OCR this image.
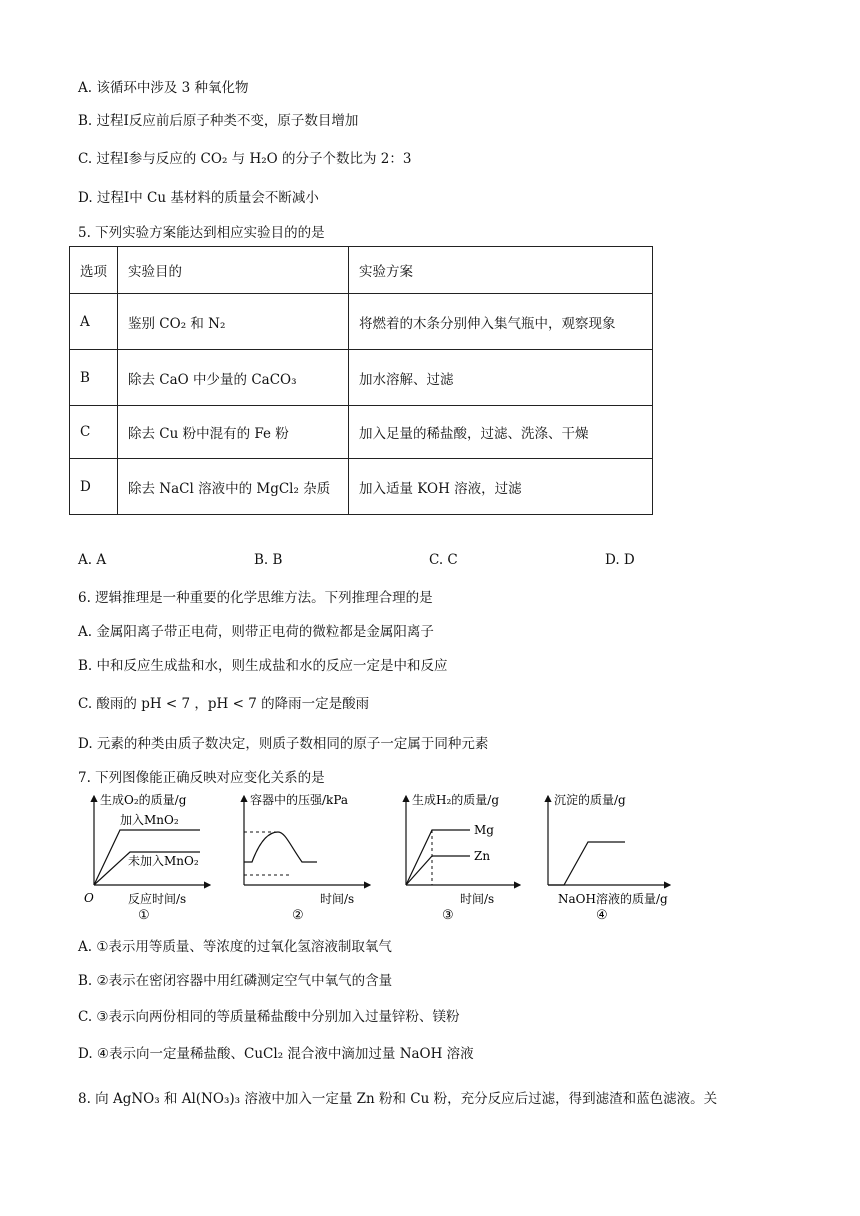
A. 该循环中涉及 3 种氧化物
B. 过程Ⅰ反应前后原子种类不变，原子数目增加
C. 过程Ⅰ参与反应的 CO₂ 与 H₂O 的分子个数比为 2：3
D. 过程Ⅰ中 Cu 基材料的质量会不断减小
5. 下列实验方案能达到相应实验目的的是
选项	实验目的	实验方案
A	鉴别 CO₂ 和 N₂	将燃着的木条分别伸入集气瓶中，观察现象
B	除去 CaO 中少量的 CaCO₃	加水溶解、过滤
C	除去 Cu 粉中混有的 Fe 粉	加入足量的稀盐酸，过滤、洗涤、干燥
D	除去 NaCl 溶液中的 MgCl₂ 杂质	加入适量 KOH 溶液，过滤
A. A	B. B	C. C	D. D
6. 逻辑推理是一种重要的化学思维方法。下列推理合理的是
A. 金属阳离子带正电荷，则带正电荷的微粒都是金属阳离子
B. 中和反应生成盐和水，则生成盐和水的反应一定是中和反应
C. 酸雨的 pH < 7 ，pH < 7 的降雨一定是酸雨
D. 元素的种类由质子数决定，则质子数相同的原子一定属于同种元素
7. 下列图像能正确反映对应变化关系的是
生成O₂的质量/g
加入MnO₂
未加入MnO₂
O	反应时间/s
①
容器中的压强/kPa
时间/s
②
生成H₂的质量/g
Mg
Zn
时间/s
③
沉淀的质量/g
NaOH溶液的质量/g
④
A. ①表示用等质量、等浓度的过氧化氢溶液制取氧气
B. ②表示在密闭容器中用红磷测定空气中氧气的含量
C. ③表示向两份相同的等质量稀盐酸中分别加入过量锌粉、镁粉
D. ④表示向一定量稀盐酸、CuCl₂ 混合液中滴加过量 NaOH 溶液
8. 向 AgNO₃ 和 Al(NO₃)₃ 溶液中加入一定量 Zn 粉和 Cu 粉，充分反应后过滤，得到滤渣和蓝色滤液。关
